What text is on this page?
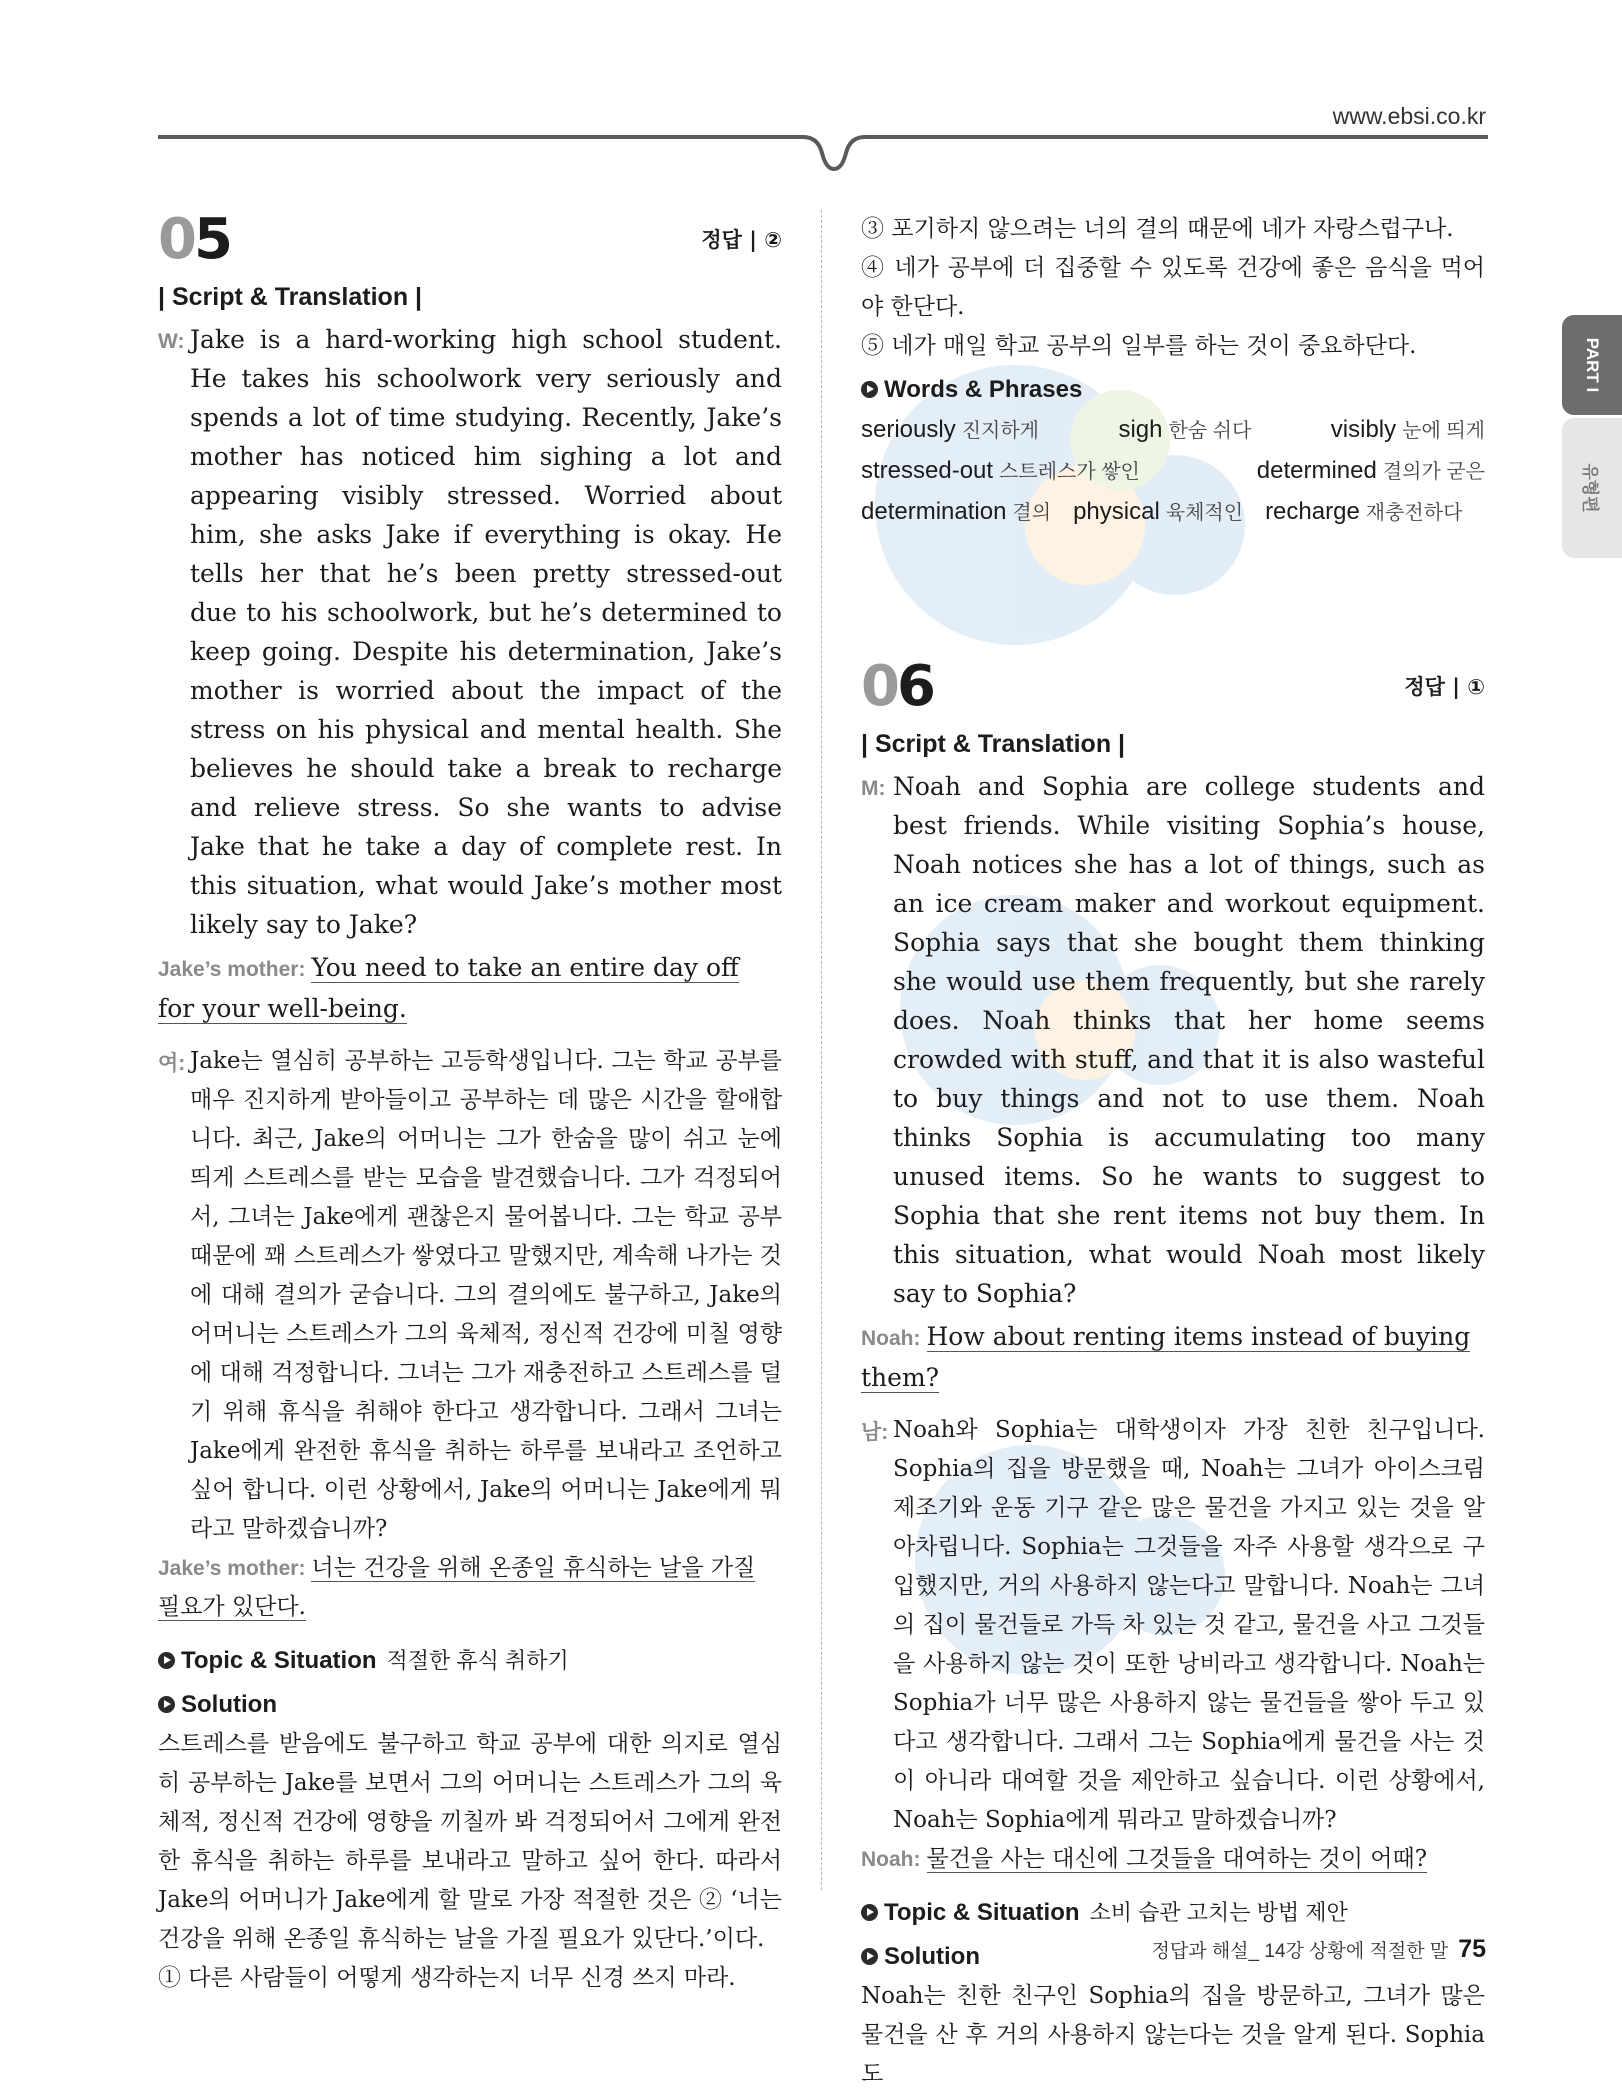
www.ebsi.co.kr
PART I
유형편
05	정답 | ②
| Script & Translation |
W: Jake is a hard-working high school student. He takes his schoolwork very seriously and spends a lot of time studying. Recently, Jake’s mother has noticed him sighing a lot and appearing visibly stressed. Worried about him, she asks Jake if everything is okay. He tells her that he’s been pretty stressed-out due to his schoolwork, but he’s determined to keep going. Despite his determination, Jake’s mother is worried about the impact of the stress on his physical and mental health. She believes he should take a break to recharge and relieve stress. So she wants to advise Jake that he take a day of complete rest. In this situation, what would Jake’s mother most likely say to Jake?
Jake’s mother: You need to take an entire day off for your well-being.
여: Jake는 열심히 공부하는 고등학생입니다. 그는 학교 공부를 매우 진지하게 받아들이고 공부하는 데 많은 시간을 할애합니다. 최근, Jake의 어머니는 그가 한숨을 많이 쉬고 눈에 띄게 스트레스를 받는 모습을 발견했습니다. 그가 걱정되어서, 그녀는 Jake에게 괜찮은지 물어봅니다. 그는 학교 공부 때문에 꽤 스트레스가 쌓였다고 말했지만, 계속해 나가는 것에 대해 결의가 굳습니다. 그의 결의에도 불구하고, Jake의 어머니는 스트레스가 그의 육체적, 정신적 건강에 미칠 영향에 대해 걱정합니다. 그녀는 그가 재충전하고 스트레스를 덜기 위해 휴식을 취해야 한다고 생각합니다. 그래서 그녀는 Jake에게 완전한 휴식을 취하는 하루를 보내라고 조언하고 싶어 합니다. 이런 상황에서, Jake의 어머니는 Jake에게 뭐라고 말하겠습니까?
Jake’s mother: 너는 건강을 위해 온종일 휴식하는 날을 가질 필요가 있단다.
Topic & Situation 적절한 휴식 취하기
Solution
스트레스를 받음에도 불구하고 학교 공부에 대한 의지로 열심히 공부하는 Jake를 보면서 그의 어머니는 스트레스가 그의 육체적, 정신적 건강에 영향을 끼칠까 봐 걱정되어서 그에게 완전한 휴식을 취하는 하루를 보내라고 말하고 싶어 한다. 따라서 Jake의 어머니가 Jake에게 할 말로 가장 적절한 것은 ② ‘너는 건강을 위해 온종일 휴식하는 날을 가질 필요가 있단다.’이다.
① 다른 사람들이 어떻게 생각하는지 너무 신경 쓰지 마라.
③ 포기하지 않으려는 너의 결의 때문에 네가 자랑스럽구나.
④ 네가 공부에 더 집중할 수 있도록 건강에 좋은 음식을 먹어야 한단다.
⑤ 네가 매일 학교 공부의 일부를 하는 것이 중요하단다.
Words & Phrases
seriously 진지하게	sigh 한숨 쉬다	visibly 눈에 띄게
stressed-out 스트레스가 쌓인	determined 결의가 굳은
determination 결의 physical 육체적인 recharge 재충전하다
06	정답 | ①
| Script & Translation |
M: Noah and Sophia are college students and best friends. While visiting Sophia’s house, Noah notices she has a lot of things, such as an ice cream maker and workout equipment. Sophia says that she bought them thinking she would use them frequently, but she rarely does. Noah thinks that her home seems crowded with stuff, and that it is also wasteful to buy things and not to use them. Noah thinks Sophia is accumulating too many unused items. So he wants to suggest to Sophia that she rent items not buy them. In this situation, what would Noah most likely say to Sophia?
Noah: How about renting items instead of buying them?
남: Noah와 Sophia는 대학생이자 가장 친한 친구입니다. Sophia의 집을 방문했을 때, Noah는 그녀가 아이스크림 제조기와 운동 기구 같은 많은 물건을 가지고 있는 것을 알아차립니다. Sophia는 그것들을 자주 사용할 생각으로 구입했지만, 거의 사용하지 않는다고 말합니다. Noah는 그녀의 집이 물건들로 가득 차 있는 것 같고, 물건을 사고 그것들을 사용하지 않는 것이 또한 낭비라고 생각합니다. Noah는 Sophia가 너무 많은 사용하지 않는 물건들을 쌓아 두고 있다고 생각합니다. 그래서 그는 Sophia에게 물건을 사는 것이 아니라 대여할 것을 제안하고 싶습니다. 이런 상황에서, Noah는 Sophia에게 뭐라고 말하겠습니까?
Noah: 물건을 사는 대신에 그것들을 대여하는 것이 어때?
Topic & Situation 소비 습관 고치는 방법 제안
Solution
Noah는 친한 친구인 Sophia의 집을 방문하고, 그녀가 많은 물건을 산 후 거의 사용하지 않는다는 것을 알게 된다. Sophia도
정답과 해설_ 14강 상황에 적절한 말 75
